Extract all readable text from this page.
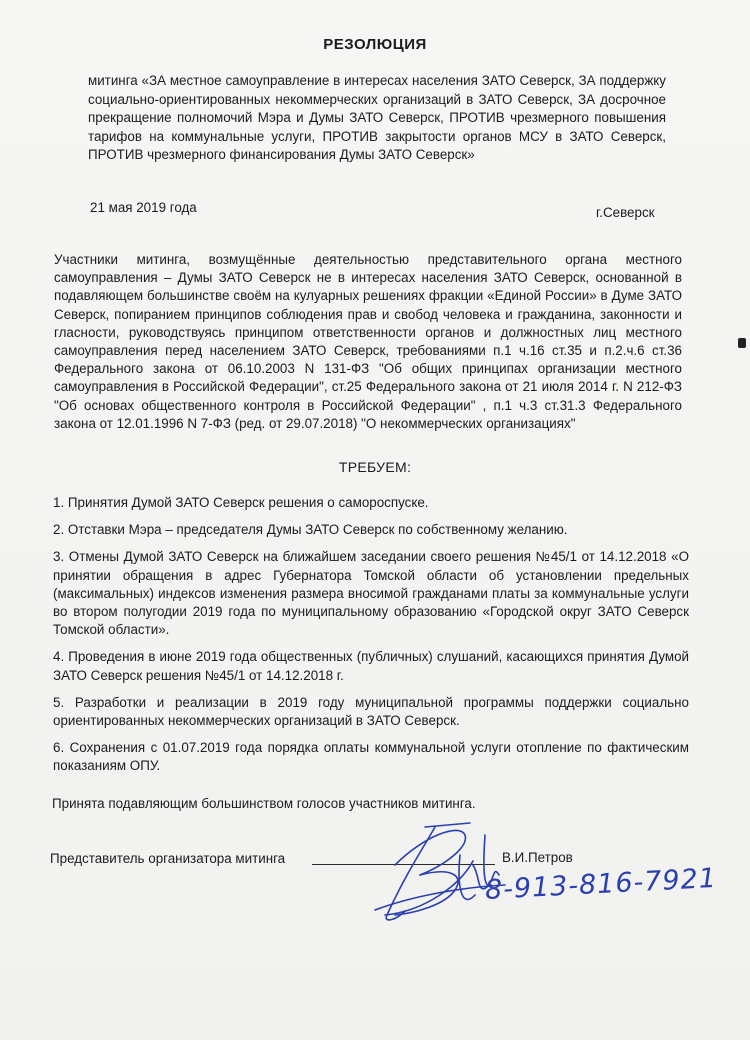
РЕЗОЛЮЦИЯ

митинга «ЗА местное самоуправление в интересах населения ЗАТО Северск, ЗА поддержку социально-ориентированных некоммерческих организаций в ЗАТО Северск, ЗА досрочное прекращение полномочий Мэра и Думы ЗАТО Северск, ПРОТИВ чрезмерного повышения тарифов на коммунальные услуги, ПРОТИВ закрытости органов МСУ в ЗАТО Северск, ПРОТИВ чрезмерного финансирования Думы ЗАТО Северск»

21 мая 2019 года	г.Северск
Участники митинга, возмущённые деятельностью представительного органа местного самоуправления – Думы ЗАТО Северск не в интересах населения ЗАТО Северск, основанной в подавляющем большинстве своём на кулуарных решениях фракции «Единой России» в Думе ЗАТО Северск, попиранием принципов соблюдения прав и свобод человека и гражданина, законности и гласности, руководствуясь принципом ответственности органов и должностных лиц местного самоуправления перед населением ЗАТО Северск, требованиями п.1 ч.16 ст.35 и п.2.ч.6 ст.36 Федерального закона от 06.10.2003 N 131-ФЗ "Об общих принципах организации местного самоуправления в Российской Федерации", ст.25 Федерального закона от 21 июля 2014 г. N 212-ФЗ "Об основах общественного контроля в Российской Федерации" , п.1 ч.3 ст.31.3 Федерального закона от 12.01.1996 N 7-ФЗ (ред. от 29.07.2018) "О некоммерческих организациях"
ТРЕБУЕМ:

1. Принятия Думой ЗАТО Северск решения о самороспуске.

2. Отставки Мэра – председателя Думы ЗАТО Северск по собственному желанию.

3. Отмены Думой ЗАТО Северск на ближайшем заседании своего решения №45/1 от 14.12.2018 «О принятии обращения в адрес Губернатора Томской области об установлении предельных (максимальных) индексов изменения размера вносимой гражданами платы за коммунальные услуги во втором полугодии 2019 года по муниципальному образованию «Городской округ ЗАТО Северск Томской области».

4. Проведения в июне 2019 года общественных (публичных) слушаний, касающихся принятия Думой ЗАТО Северск решения №45/1 от 14.12.2018 г.

5. Разработки и реализации в 2019 году муниципальной программы поддержки социально ориентированных некоммерческих организаций в ЗАТО Северск.

6. Сохранения с 01.07.2019 года порядка оплаты коммунальной услуги отопление по фактическим показаниям ОПУ.

Принята подавляющим большинством голосов участников митинга.
Представитель организатора митинга	В.И.Петров
8-913-816-7921
